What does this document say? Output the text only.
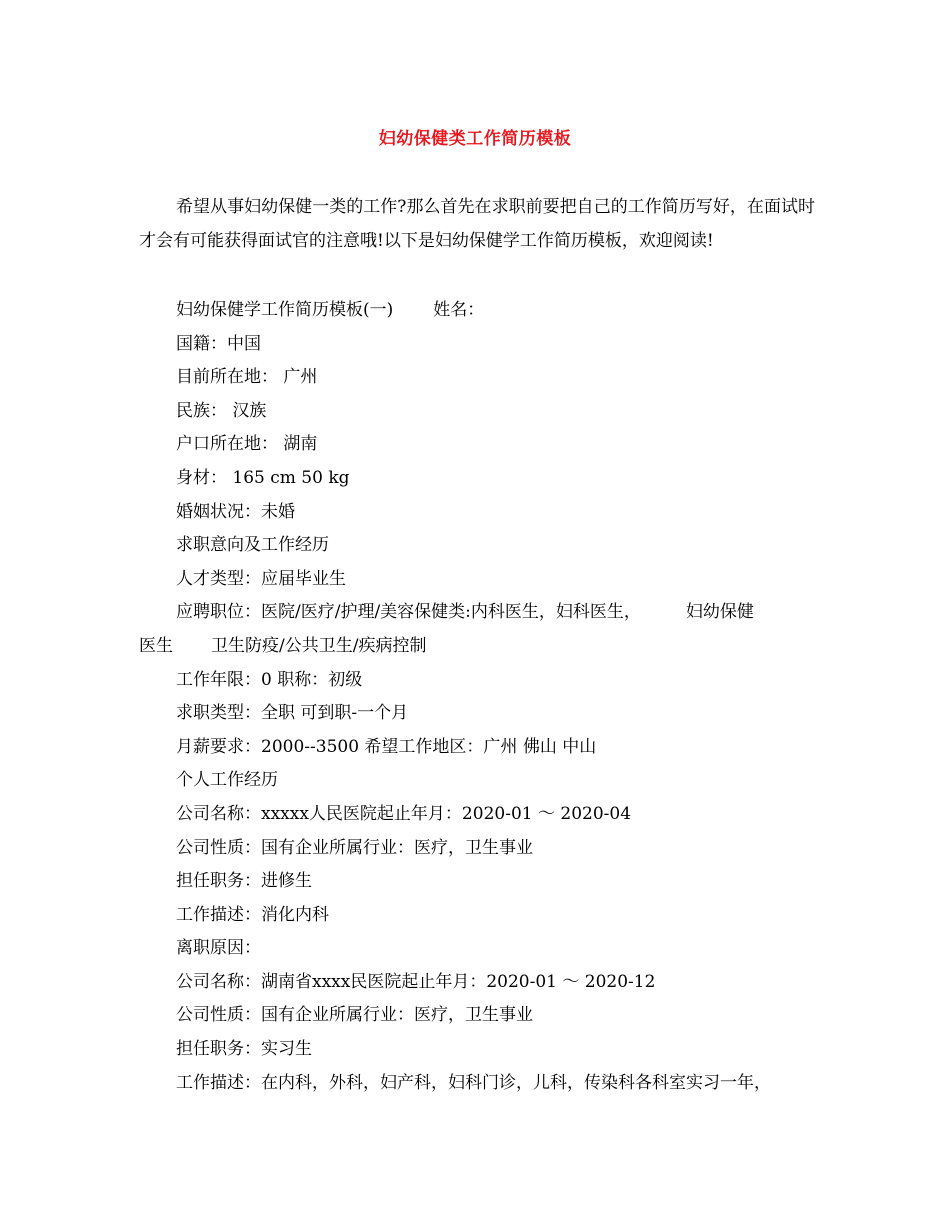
妇幼保健类工作简历模板
希望从事妇幼保健一类的工作?那么首先在求职前要把自己的工作简历写好，在面试时才会有可能获得面试官的注意哦!以下是妇幼保健学工作简历模板，欢迎阅读!
妇幼保健学工作简历模板(一) 姓名：
国籍：中国
目前所在地： 广州
民族： 汉族
户口所在地： 湖南
身材： 165 cm 50 kg
婚姻状况：未婚
求职意向及工作经历
人才类型：应届毕业生
应聘职位：医院/医疗/护理/美容保健类:内科医生，妇科医生，	妇幼保健
医生 卫生防疫/公共卫生/疾病控制
工作年限：0 职称：初级
求职类型：全职 可到职-一个月
月薪要求：2000--3500 希望工作地区：广州 佛山 中山
个人工作经历
公司名称：xxxxx人民医院起止年月：2020-01 ～ 2020-04
公司性质：国有企业所属行业：医疗，卫生事业
担任职务：进修生
工作描述：消化内科
离职原因：
公司名称：湖南省xxxx民医院起止年月：2020-01 ～ 2020-12
公司性质：国有企业所属行业：医疗，卫生事业
担任职务：实习生
工作描述：在内科，外科，妇产科，妇科门诊，儿科，传染科各科室实习一年，
